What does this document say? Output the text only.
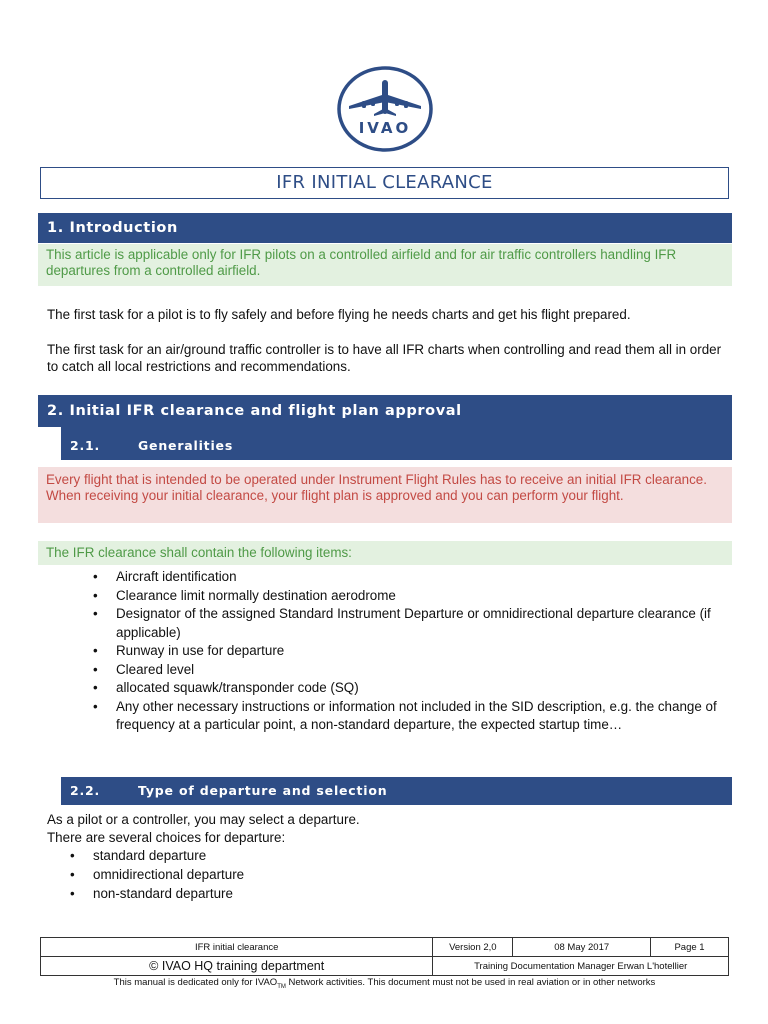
IVAO
IFR INITIAL CLEARANCE
1. Introduction
This article is applicable only for IFR pilots on a controlled airfield and for air traffic controllers handling IFR departures from a controlled airfield.
The first task for a pilot is to fly safely and before flying he needs charts and get his flight prepared.
The first task for an air/ground traffic controller is to have all IFR charts when controlling and read them all in order to catch all local restrictions and recommendations.
2. Initial IFR clearance and flight plan approval
2.1.	Generalities
Every flight that is intended to be operated under Instrument Flight Rules has to receive an initial IFR clearance.
When receiving your initial clearance, your flight plan is approved and you can perform your flight.
The IFR clearance shall contain the following items:
• Aircraft identification
• Clearance limit normally destination aerodrome
• Designator of the assigned Standard Instrument Departure or omnidirectional departure clearance (if applicable)
• Runway in use for departure
• Cleared level
• allocated squawk/transponder code (SQ)
• Any other necessary instructions or information not included in the SID description, e.g. the change of frequency at a particular point, a non-standard departure, the expected startup time…
2.2.	Type of departure and selection
As a pilot or a controller, you may select a departure.
There are several choices for departure:
• standard departure
• omnidirectional departure
• non-standard departure
IFR initial clearance	Version 2,0	08 May 2017	Page 1
© IVAO HQ training department	Training Documentation Manager Erwan L'hotellier		
This manual is dedicated only for $IVAO_{TM}$ Network activities. This document must not be used in real aviation or in other networks
